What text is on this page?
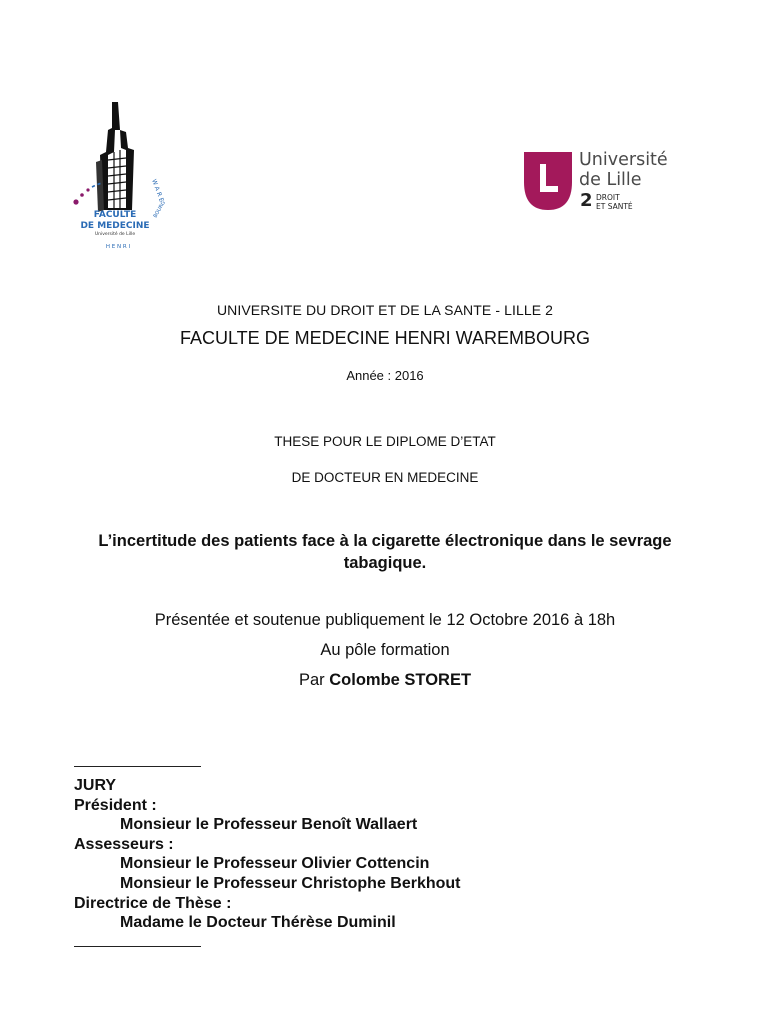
W A R E
BOURG
H E N R I
FACULTE
DE MEDECINE
Université de Lille
Université
de Lille
2 DROIT
ET SANTÉ
UNIVERSITE DU DROIT ET DE LA SANTE - LILLE 2
FACULTE DE MEDECINE HENRI WAREMBOURG
Année : 2016
THESE POUR LE DIPLOME D’ETAT
DE DOCTEUR EN MEDECINE
L’incertitude des patients face à la cigarette électronique dans le sevrage tabagique.
Présentée et soutenue publiquement le 12 Octobre 2016 à 18h
Au pôle formation
Par Colombe STORET
JURY
Président :
Monsieur le Professeur Benoît Wallaert
Assesseurs :
Monsieur le Professeur Olivier Cottencin
Monsieur le Professeur Christophe Berkhout
Directrice de Thèse :
Madame le Docteur Thérèse Duminil
